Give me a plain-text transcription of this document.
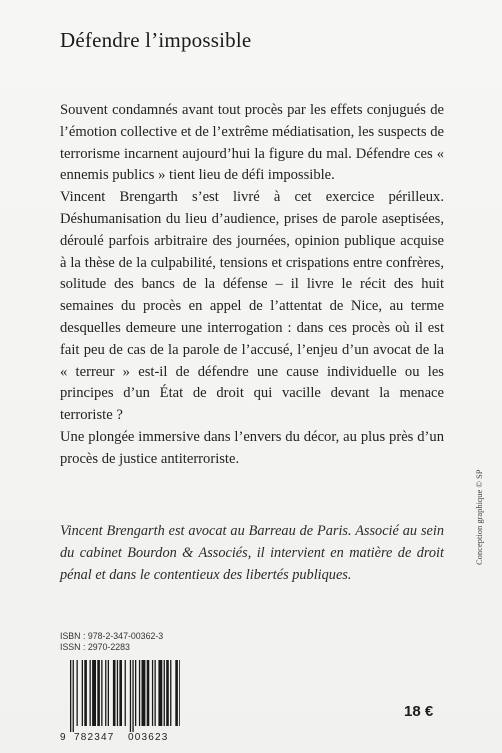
Défendre l’impossible

Souvent condamnés avant tout procès par les effets conjugués de l’émotion collective et de l’extrême médiatisation, les suspects de terrorisme incarnent aujourd’hui la figure du mal. Défendre ces « ennemis publics » tient lieu de défi impossible.

Vincent Brengarth s’est livré à cet exercice périlleux. Déshumanisation du lieu d’audience, prises de parole aseptisées, déroulé parfois arbitraire des journées, opinion publique acquise à la thèse de la culpabilité, tensions et crispations entre confrères, solitude des bancs de la défense – il livre le récit des huit semaines du procès en appel de l’attentat de Nice, au terme desquelles demeure une interrogation : dans ces procès où il est fait peu de cas de la parole de l’accusé, l’enjeu d’un avocat de la « terreur » est-il de défendre une cause individuelle ou les principes d’un État de droit qui vacille devant la menace terroriste ?

Une plongée immersive dans l’envers du décor, au plus près d’un procès de justice antiterroriste.

Vincent Brengarth est avocat au Barreau de Paris. Associé au sein du cabinet Bourdon & Associés, il intervient en matière de droit pénal et dans le contentieux des libertés publiques.
Conception graphique © SP
ISBN : 978-2-347-00362-3
ISSN : 2970-2283
9 782347 003623
18 €
